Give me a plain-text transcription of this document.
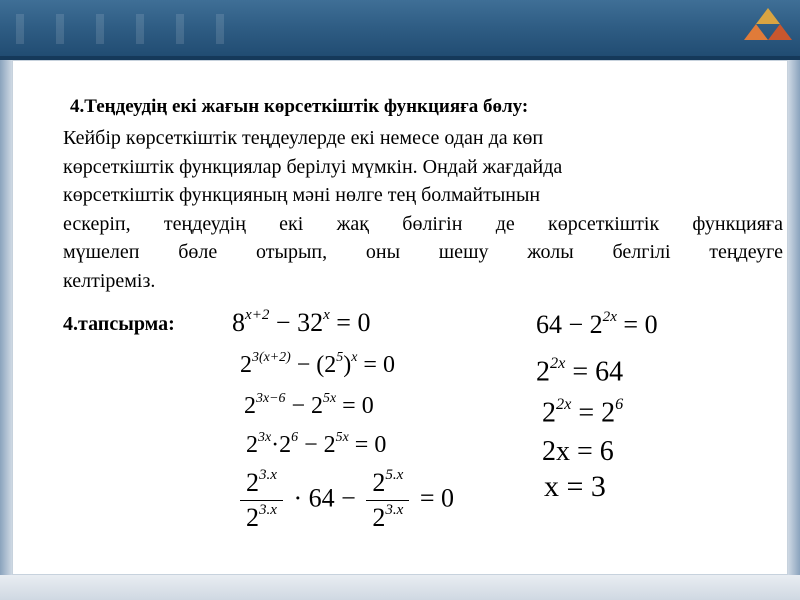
4.Теңдеудің екі жағын көрсеткіштік функцияға бөлу:
Кейбір көрсеткіштік теңдеулерде екі немесе одан да көп
көрсеткіштік функциялар берілуі мүмкін. Ондай жағдайда
көрсеткіштік функцияның мәні нөлге тең болмайтынын
ескеріп, теңдеудің екі жақ бөлігін де көрсеткіштік функцияға
мүшелеп бөле отырып, оны шешу жолы белгілі теңдеуге
келтіреміз.
4.тапсырма: $8^{x+2} - 32^x = 0$
$2^{3(x+2)} - (2^5)^x = 0$
$2^{3x-6} - 2^{5x} = 0$
$2^{3x}\cdot 2^6 - 2^{5x} = 0$
$\frac{2^{3.x}}{2^{3.x}} \cdot 64 - \frac{2^{5.x}}{2^{3.x}} = 0$
$64 - 2^{2x} = 0$
$2^{2x} = 64$
$2^{2x} = 2^6$
2x = 6
x = 3
